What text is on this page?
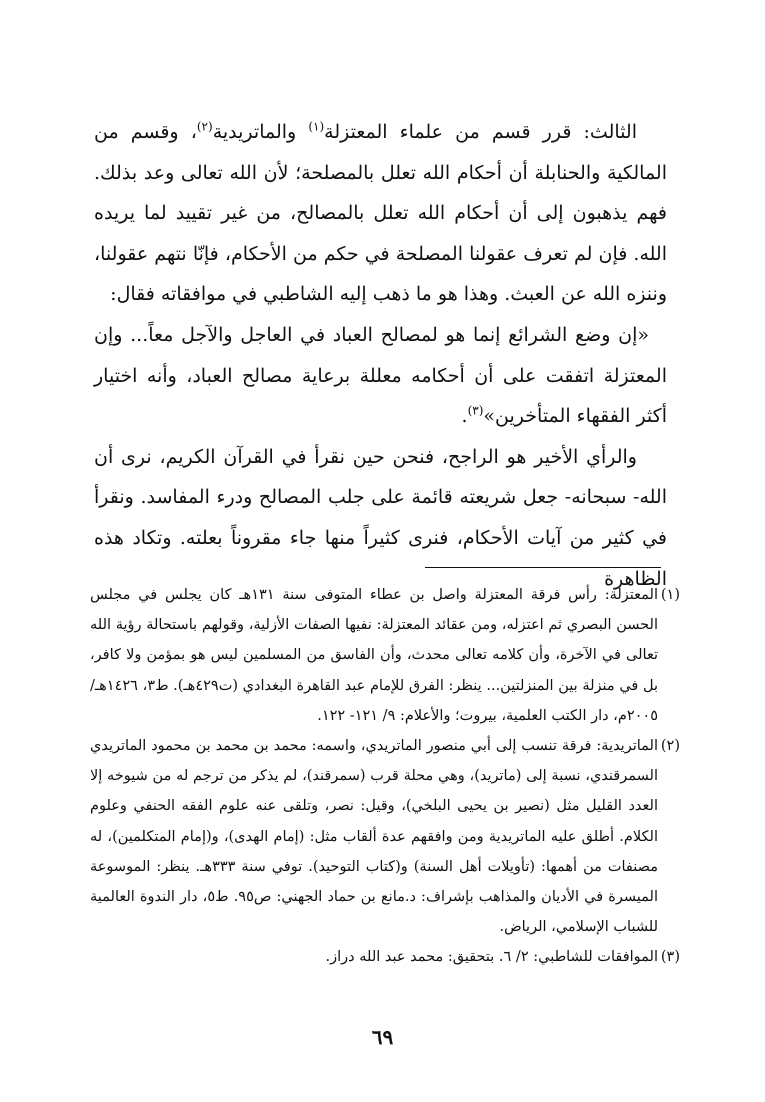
الثالث: قرر قسم من علماء المعتزلة$^{(١)}$ والماتريدية$^{(٢)}$، وقسم من المالكية والحنابلة أن أحكام الله تعلل بالمصلحة؛ لأن الله تعالى وعد بذلك. فهم يذهبون إلى أن أحكام الله تعلل بالمصالح، من غير تقييد لما يريده الله. فإن لم تعرف عقولنا المصلحة في حكم من الأحكام، فإنّا نتهم عقولنا، وننزه الله عن العبث. وهذا هو ما ذهب إليه الشاطبي في موافقاته فقال:

«إن وضع الشرائع إنما هو لمصالح العباد في العاجل والآجل معاً... وإن المعتزلة اتفقت على أن أحكامه معللة برعاية مصالح العباد، وأنه اختيار أكثر الفقهاء المتأخرين»$^{(٣)}$.

والرأي الأخير هو الراجح، فنحن حين نقرأ في القرآن الكريم، نرى أن الله- سبحانه- جعل شريعته قائمة على جلب المصالح ودرء المفاسد. ونقرأ في كثير من آيات الأحكام، فنرى كثيراً منها جاء مقروناً بعلته. وتكاد هذه الظاهرة

(١)
المعتزلة: رأس فرقة المعتزلة واصل بن عطاء المتوفى سنة ١٣١هـ كان يجلس في مجلس الحسن البصري ثم اعتزله، ومن عقائد المعتزلة: نفيها الصفات الأزلية، وقولهم باستحالة رؤية الله تعالى في الآخرة، وأن كلامه تعالى محدث، وأن الفاسق من المسلمين ليس هو بمؤمن ولا كافر، بل في منزلة بين المنزلتين... ينظر: الفرق للإمام عبد القاهرة البغدادي (ت٤٢٩هـ). ط٣، ١٤٢٦هـ/ ٢٠٠٥م، دار الكتب العلمية، بيروت؛ والأعلام: ٩/ ١٢١- ١٢٢.
(٢)
الماتريدية: فرقة تنسب إلى أبي منصور الماتريدي، واسمه: محمد بن محمد بن محمود الماتريدي السمرقندي، نسبة إلى (ماتريد)، وهي محلة قرب (سمرقند)، لم يذكر من ترجم له من شيوخه إلا العدد القليل مثل (نصير بن يحيى البلخي)، وقيل: نصر، وتلقى عنه علوم الفقه الحنفي وعلوم الكلام. أطلق عليه الماتريدية ومن وافقهم عدة ألقاب مثل: (إمام الهدى)، و(إمام المتكلمين)، له مصنفات من أهمها: (تأويلات أهل السنة) و(كتاب التوحيد). توفي سنة ٣٣٣هـ. ينظر: الموسوعة الميسرة في الأديان والمذاهب بإشراف: د.مانع بن حماد الجهني: ص٩٥. ط٥، دار الندوة العالمية للشباب الإسلامي، الرياض.
(٣)
الموافقات للشاطبي: ٢/ ٦. بتحقيق: محمد عبد الله دراز.
٦٩
